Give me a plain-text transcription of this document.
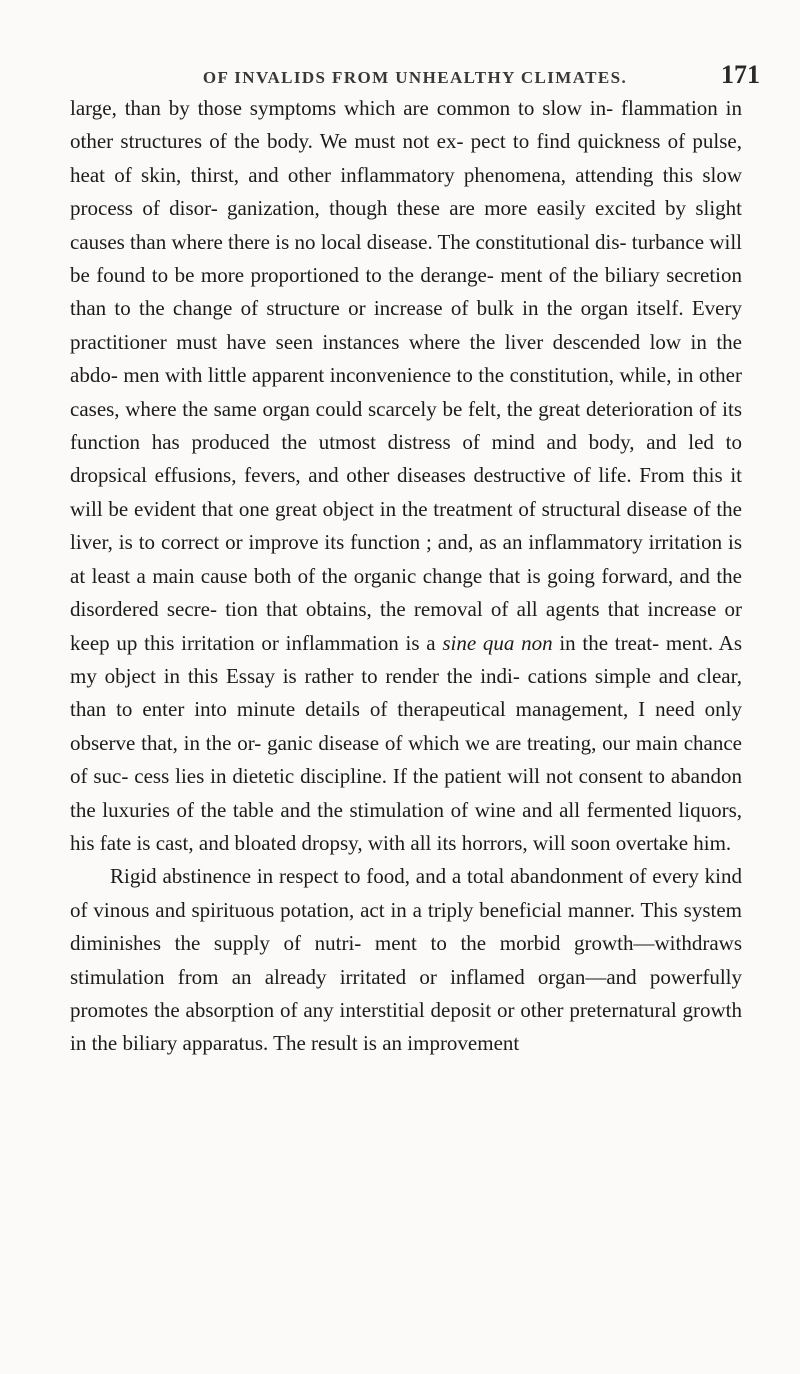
OF INVALIDS FROM UNHEALTHY CLIMATES.	171

large, than by those symptoms which are common to slow in- flammation in other structures of the body. We must not ex- pect to find quickness of pulse, heat of skin, thirst, and other inflammatory phenomena, attending this slow process of disor- ganization, though these are more easily excited by slight causes than where there is no local disease. The constitutional dis- turbance will be found to be more proportioned to the derange- ment of the biliary secretion than to the change of structure or increase of bulk in the organ itself. Every practitioner must have seen instances where the liver descended low in the abdo- men with little apparent inconvenience to the constitution, while, in other cases, where the same organ could scarcely be felt, the great deterioration of its function has produced the utmost distress of mind and body, and led to dropsical effusions, fevers, and other diseases destructive of life. From this it will be evident that one great object in the treatment of structural disease of the liver, is to correct or improve its function ; and, as an inflammatory irritation is at least a main cause both of the organic change that is going forward, and the disordered secre- tion that obtains, the removal of all agents that increase or keep up this irritation or inflammation is a sine qua non in the treat- ment. As my object in this Essay is rather to render the indi- cations simple and clear, than to enter into minute details of therapeutical management, I need only observe that, in the or- ganic disease of which we are treating, our main chance of suc- cess lies in dietetic discipline. If the patient will not consent to abandon the luxuries of the table and the stimulation of wine and all fermented liquors, his fate is cast, and bloated dropsy, with all its horrors, will soon overtake him.

Rigid abstinence in respect to food, and a total abandonment of every kind of vinous and spirituous potation, act in a triply beneficial manner. This system diminishes the supply of nutri- ment to the morbid growth—withdraws stimulation from an already irritated or inflamed organ—and powerfully promotes the absorption of any interstitial deposit or other preternatural growth in the biliary apparatus. The result is an improvement
